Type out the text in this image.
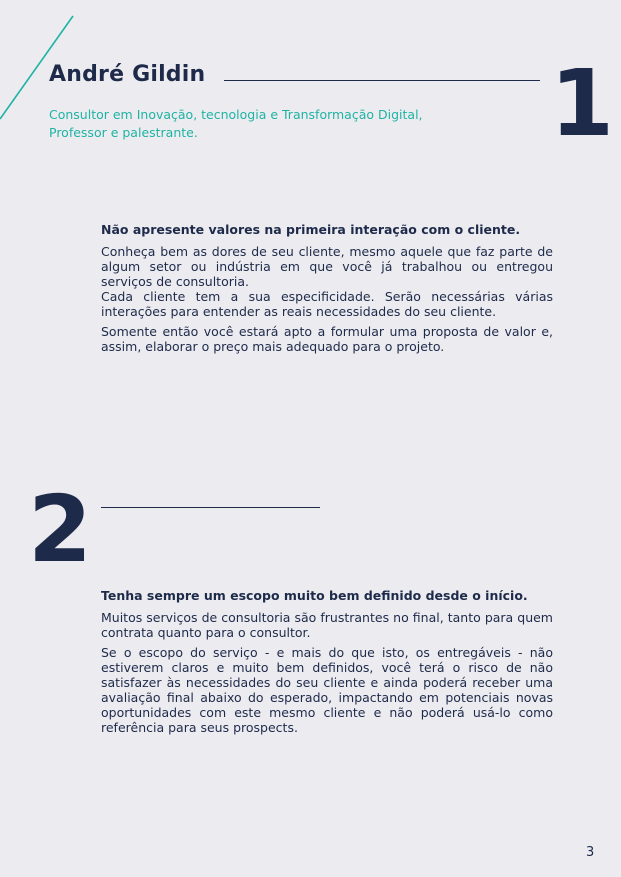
André Gildin	1
Consultor em Inovação, tecnologia e Transformação Digital,
Professor e palestrante.

Não apresente valores na primeira interação com o cliente.

Conheça bem as dores de seu cliente, mesmo aquele que faz parte de algum setor ou indústria em que você já trabalhou ou entregou serviços de consultoria.

Cada cliente tem a sua especificidade. Serão necessárias várias interações para entender as reais necessidades do seu cliente.

Somente então você estará apto a formular uma proposta de valor e, assim, elaborar o preço mais adequado para o projeto.

2

Tenha sempre um escopo muito bem definido desde o início.

Muitos serviços de consultoria são frustrantes no final, tanto para quem contrata quanto para o consultor.

Se o escopo do serviço - e mais do que isto, os entregáveis - não estiverem claros e muito bem definidos, você terá o risco de não satisfazer às necessidades do seu cliente e ainda poderá receber uma avaliação final abaixo do esperado, impactando em potenciais novas oportunidades com este mesmo cliente e não poderá usá-lo como referência para seus prospects.

3
